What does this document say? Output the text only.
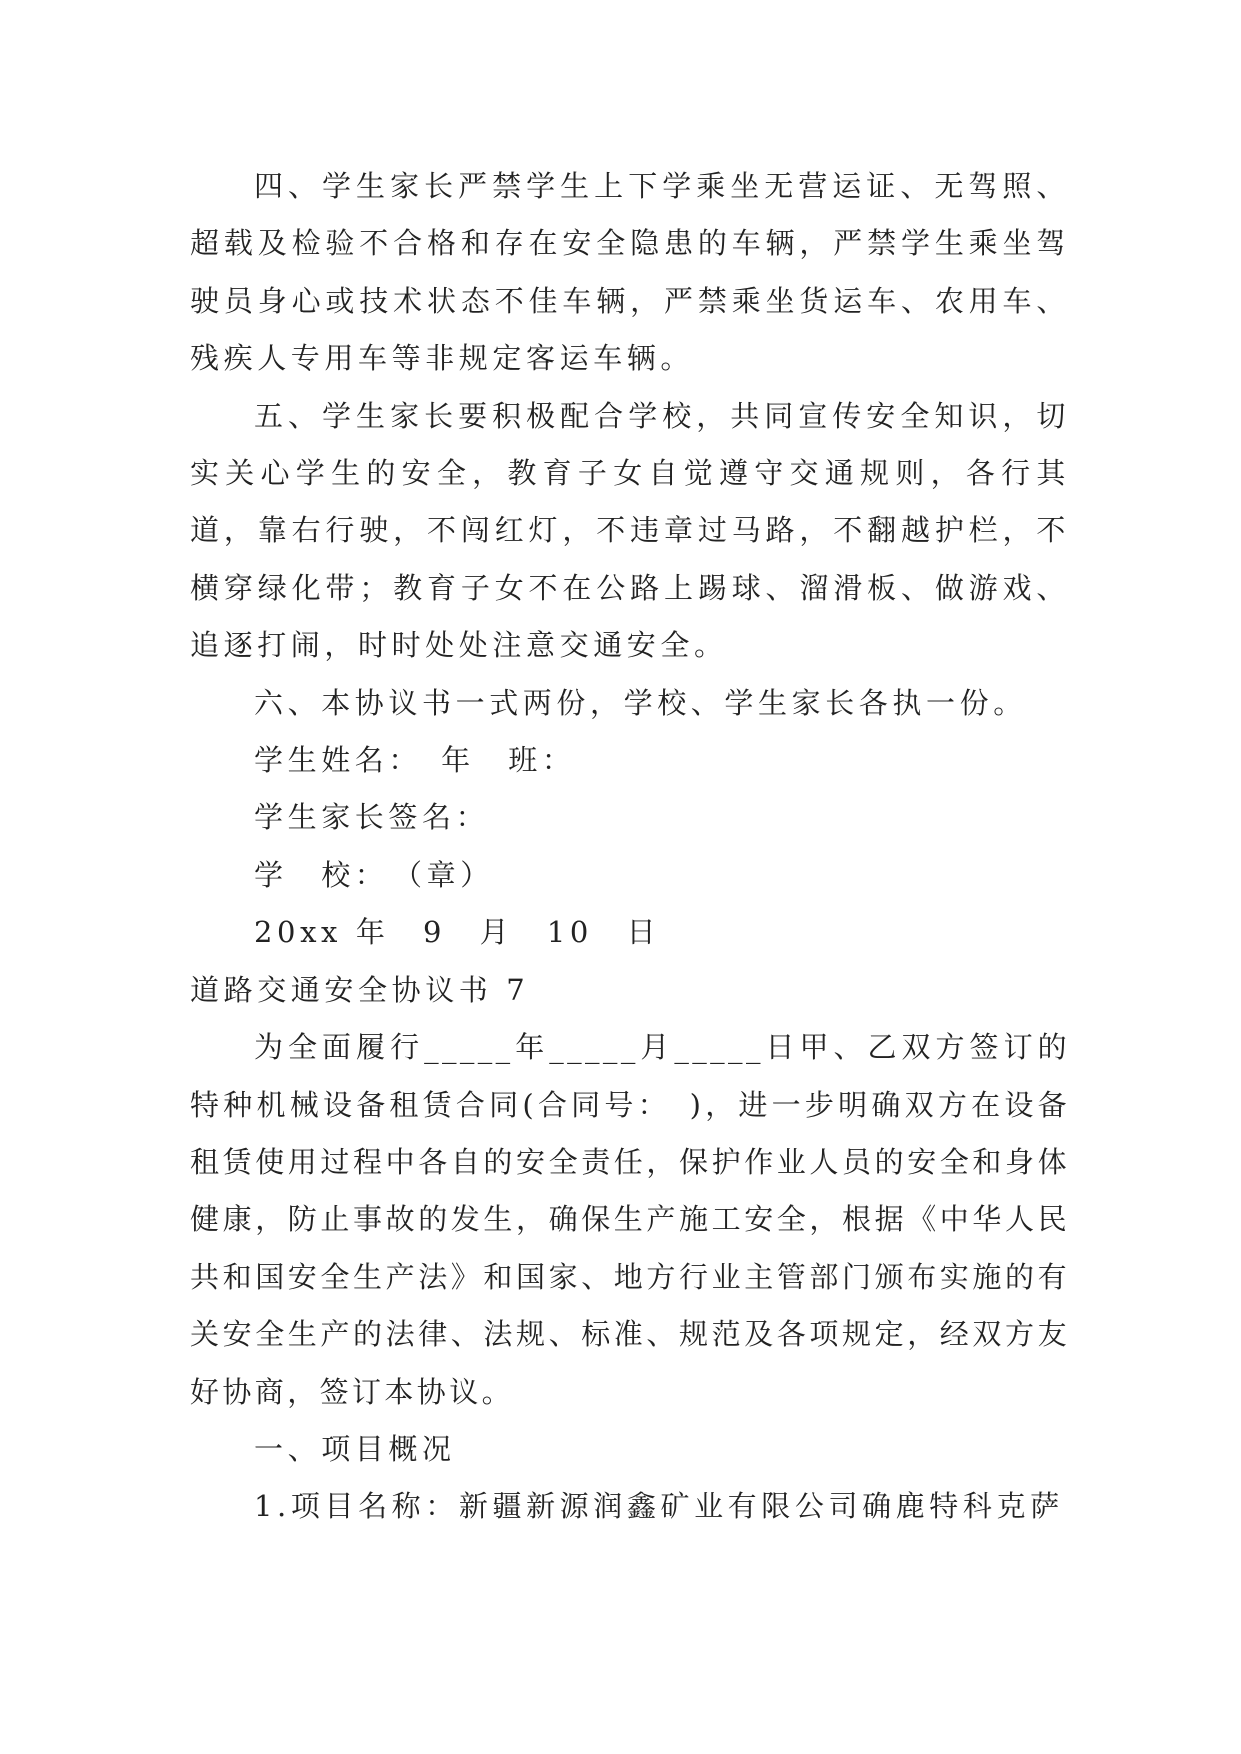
四、学生家长严禁学生上下学乘坐无营运证、无驾照、超载及检验不合格和存在安全隐患的车辆，严禁学生乘坐驾驶员身心或技术状态不佳车辆，严禁乘坐货运车、农用车、残疾人专用车等非规定客运车辆。

五、学生家长要积极配合学校，共同宣传安全知识，切实关心学生的安全，教育子女自觉遵守交通规则，各行其道，靠右行驶，不闯红灯，不违章过马路，不翻越护栏，不横穿绿化带；教育子女不在公路上踢球、溜滑板、做游戏、追逐打闹，时时处处注意交通安全。

六、本协议书一式两份，学校、学生家长各执一份。

学生姓名：　年　班：

学生家长签名：

学　校：　（章）

20xx 年　9　月　10　日

道路交通安全协议书 7

为全面履行_____年_____月_____日甲、乙双方签订的特种机械设备租赁合同(合同号：　)，进一步明确双方在设备租赁使用过程中各自的安全责任，保护作业人员的安全和身体健康，防止事故的发生，确保生产施工安全，根据《中华人民共和国安全生产法》和国家、地方行业主管部门颁布实施的有关安全生产的法律、法规、标准、规范及各项规定，经双方友好协商，签订本协议。

一、项目概况

1.项目名称：新疆新源润鑫矿业有限公司确鹿特科克萨
